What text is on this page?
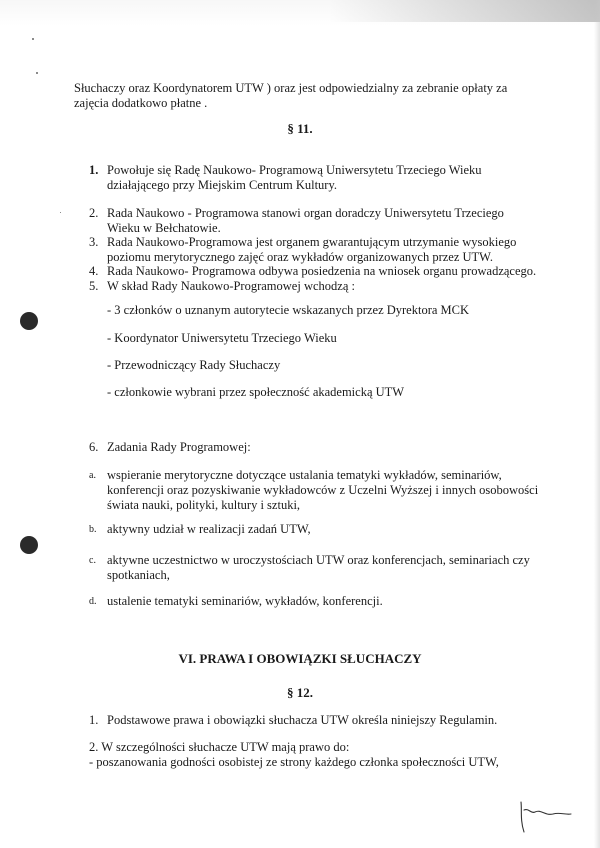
Słuchaczy oraz Koordynatorem UTW ) oraz jest odpowiedzialny za zebranie opłaty za
zajęcia dodatkowo płatne .
§ 11.
1. Powołuje się Radę Naukowo- Programową Uniwersytetu Trzeciego Wieku
działającego przy Miejskim Centrum Kultury.
2. Rada Naukowo - Programowa stanowi organ doradczy Uniwersytetu Trzeciego
Wieku w Bełchatowie.
3. Rada Naukowo-Programowa jest organem gwarantującym utrzymanie wysokiego
poziomu merytorycznego zajęć oraz wykładów organizowanych przez UTW.
4. Rada Naukowo- Programowa odbywa posiedzenia na wniosek organu prowadzącego.
5. W skład Rady Naukowo-Programowej wchodzą :
- 3 członków o uznanym autorytecie wskazanych przez Dyrektora MCK
- Koordynator Uniwersytetu Trzeciego Wieku
- Przewodniczący Rady Słuchaczy
- członkowie wybrani przez społeczność akademicką UTW
6. Zadania Rady Programowej:
a. wspieranie merytoryczne dotyczące ustalania tematyki wykładów, seminariów,
konferencji oraz pozyskiwanie wykładowców z Uczelni Wyższej i innych osobowości
świata nauki, polityki, kultury i sztuki,
b. aktywny udział w realizacji zadań UTW,
c. aktywne uczestnictwo w uroczystościach UTW oraz konferencjach, seminariach czy
spotkaniach,
d. ustalenie tematyki seminariów, wykładów, konferencji.
VI. PRAWA I OBOWIĄZKI SŁUCHACZY
§ 12.
1. Podstawowe prawa i obowiązki słuchacza UTW określa niniejszy Regulamin.
2. W szczególności słuchacze UTW mają prawo do:
- poszanowania godności osobistej ze strony każdego członka społeczności UTW,
